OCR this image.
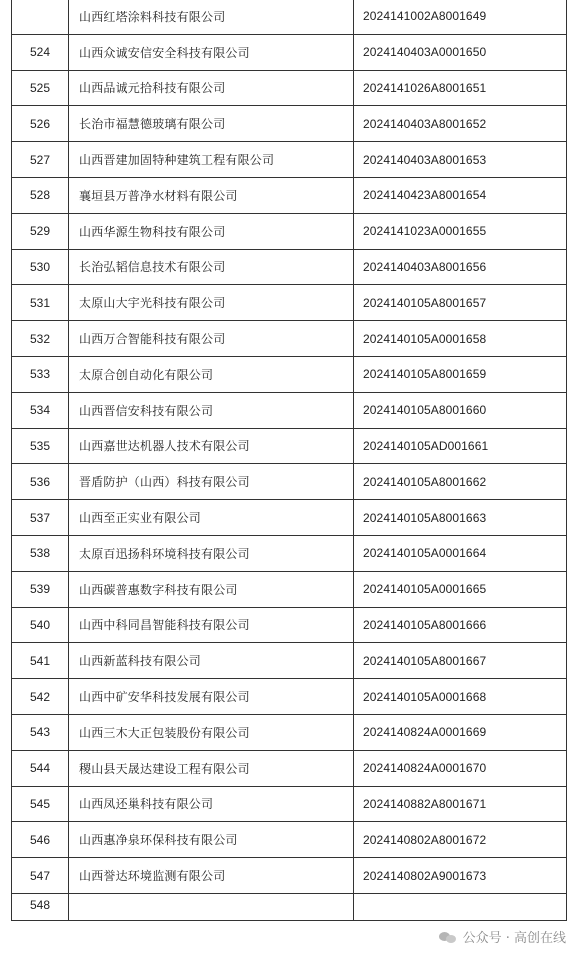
	山西红塔涂料科技有限公司	2024141002A8001649
524	山西众诚安信安全科技有限公司	2024140403A0001650
525	山西品诚元拾科技有限公司	2024141026A8001651
526	长治市福慧德玻璃有限公司	2024140403A8001652
527	山西晋建加固特种建筑工程有限公司	2024140403A8001653
528	襄垣县万普净水材料有限公司	2024140423A8001654
529	山西华源生物科技有限公司	2024141023A0001655
530	长治弘韬信息技术有限公司	2024140403A8001656
531	太原山大宇光科技有限公司	2024140105A8001657
532	山西万合智能科技有限公司	2024140105A0001658
533	太原合创自动化有限公司	2024140105A8001659
534	山西晋信安科技有限公司	2024140105A8001660
535	山西嘉世达机器人技术有限公司	2024140105AD001661
536	晋盾防护（山西）科技有限公司	2024140105A8001662
537	山西至正实业有限公司	2024140105A8001663
538	太原百迅扬科环境科技有限公司	2024140105A0001664
539	山西碳普惠数字科技有限公司	2024140105A0001665
540	山西中科同昌智能科技有限公司	2024140105A8001666
541	山西新蓝科技有限公司	2024140105A8001667
542	山西中矿安华科技发展有限公司	2024140105A0001668
543	山西三木大正包装股份有限公司	2024140824A0001669
544	稷山县天晟达建设工程有限公司	2024140824A0001670
545	山西凤还巢科技有限公司	2024140882A8001671
546	山西惠净泉环保科技有限公司	2024140802A8001672
547	山西誉达环境监测有限公司	2024140802A9001673
548		
公众号 · 高创在线
